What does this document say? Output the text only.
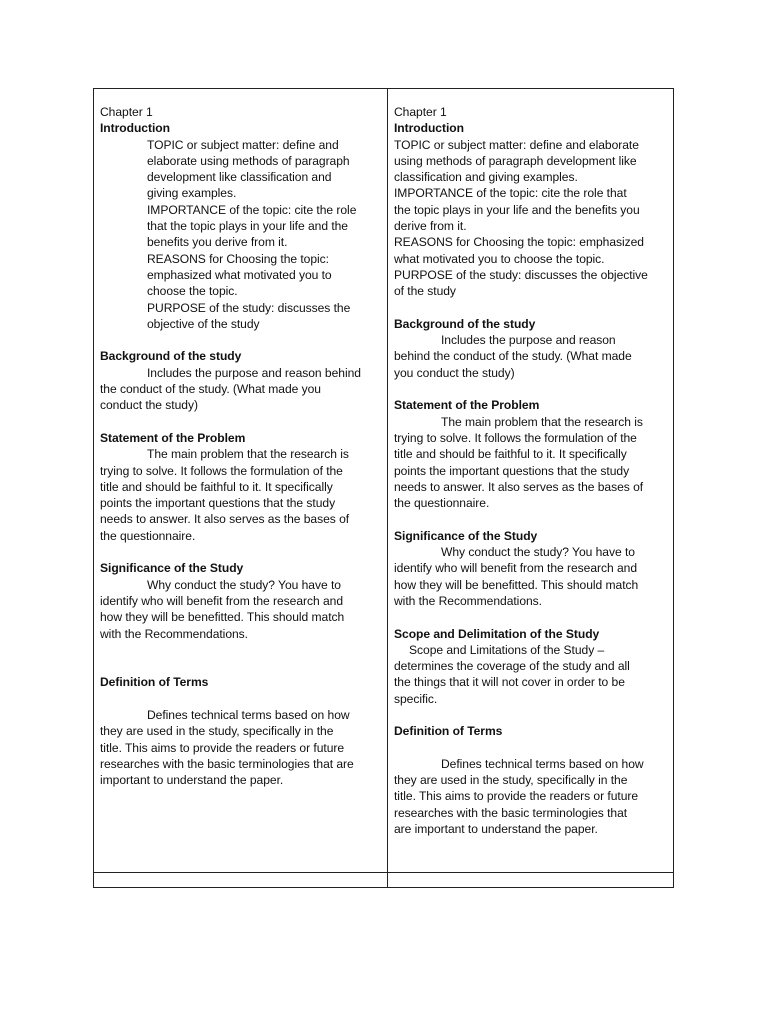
Chapter 1
Introduction
TOPIC or subject matter: define and
elaborate using methods of paragraph
development like classification and
giving examples.
IMPORTANCE of the topic: cite the role
that the topic plays in your life and the
benefits you derive from it.
REASONS for Choosing the topic:
emphasized what motivated you to
choose the topic.
PURPOSE of the study: discusses the
objective of the study
Background of the study
Includes the purpose and reason behind
the conduct of the study. (What made you
conduct the study)
Statement of the Problem
The main problem that the research is
trying to solve. It follows the formulation of the
title and should be faithful to it. It specifically
points the important questions that the study
needs to answer. It also serves as the bases of
the questionnaire.
Significance of the Study
Why conduct the study? You have to
identify who will benefit from the research and
how they will be benefitted. This should match
with the Recommendations.
Definition of Terms
Defines technical terms based on how
they are used in the study, specifically in the
title. This aims to provide the readers or future
researches with the basic terminologies that are
important to understand the paper.
Chapter 1
Introduction
TOPIC or subject matter: define and elaborate
using methods of paragraph development like
classification and giving examples.
IMPORTANCE of the topic: cite the role that
the topic plays in your life and the benefits you
derive from it.
REASONS for Choosing the topic: emphasized
what motivated you to choose the topic.
PURPOSE of the study: discusses the objective
of the study
Background of the study
Includes the purpose and reason
behind the conduct of the study. (What made
you conduct the study)
Statement of the Problem
The main problem that the research is
trying to solve. It follows the formulation of the
title and should be faithful to it. It specifically
points the important questions that the study
needs to answer. It also serves as the bases of
the questionnaire.
Significance of the Study
Why conduct the study? You have to
identify who will benefit from the research and
how they will be benefitted. This should match
with the Recommendations.
Scope and Delimitation of the Study
Scope and Limitations of the Study –
determines the coverage of the study and all
the things that it will not cover in order to be
specific.
Definition of Terms
Defines technical terms based on how
they are used in the study, specifically in the
title. This aims to provide the readers or future
researches with the basic terminologies that
are important to understand the paper.
